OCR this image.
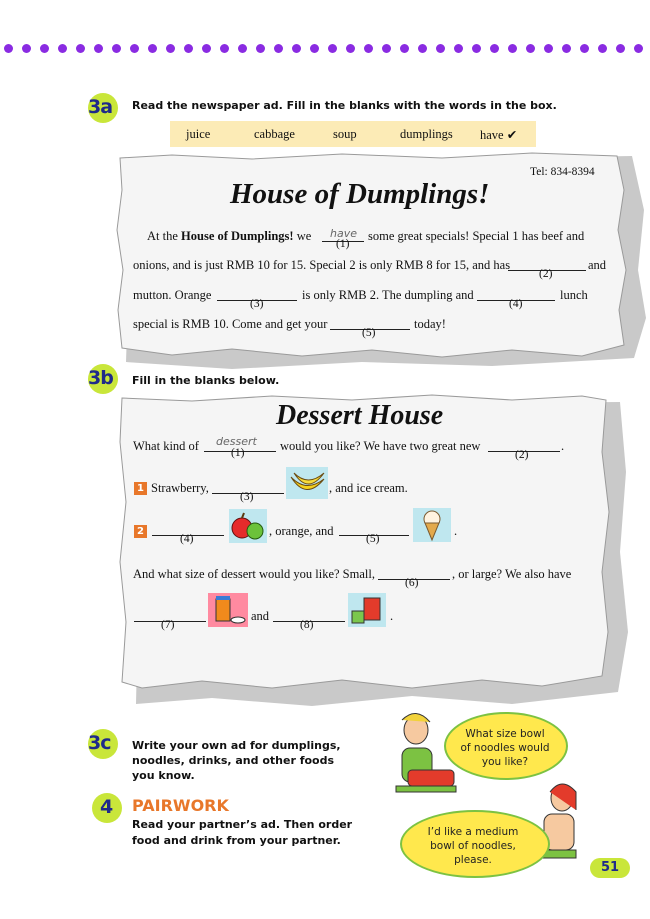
3a Read the newspaper ad. Fill in the blanks with the words in the box.
juice	cabbage	soup	dumplings have ✔
Tel: 834-8394
House of Dumplings!
At the House of Dumplings! we have
(1)
some great specials! Special 1 has beef and
onions, and is just RMB 10 for 15. Special 2 is only RMB 8 for 15, and has
(2)
and
mutton. Orange
(3)
is only RMB 2. The dumpling and
(4)
lunch
special is RMB 10. Come and get your
(5)
today!
3b Fill in the blanks below.
Dessert House
What kind of dessert
(1)	would you like? We have two great new
(2)
.
1 Strawberry,
(3)
, and ice cream.
2
(4)
, orange, and
(5)
.
And what size of dessert would you like? Small,
(6)
, or large? We also have
(7)
and
(8)
.
3c Write your own ad for dumplings,
noodles, drinks, and other foods
you know.
4 PAIRWORK
Read your partner’s ad. Then order
food and drink from your partner.
What size bowl
of noodles would
you like?
I’d like a medium
bowl of noodles,
please.	51
